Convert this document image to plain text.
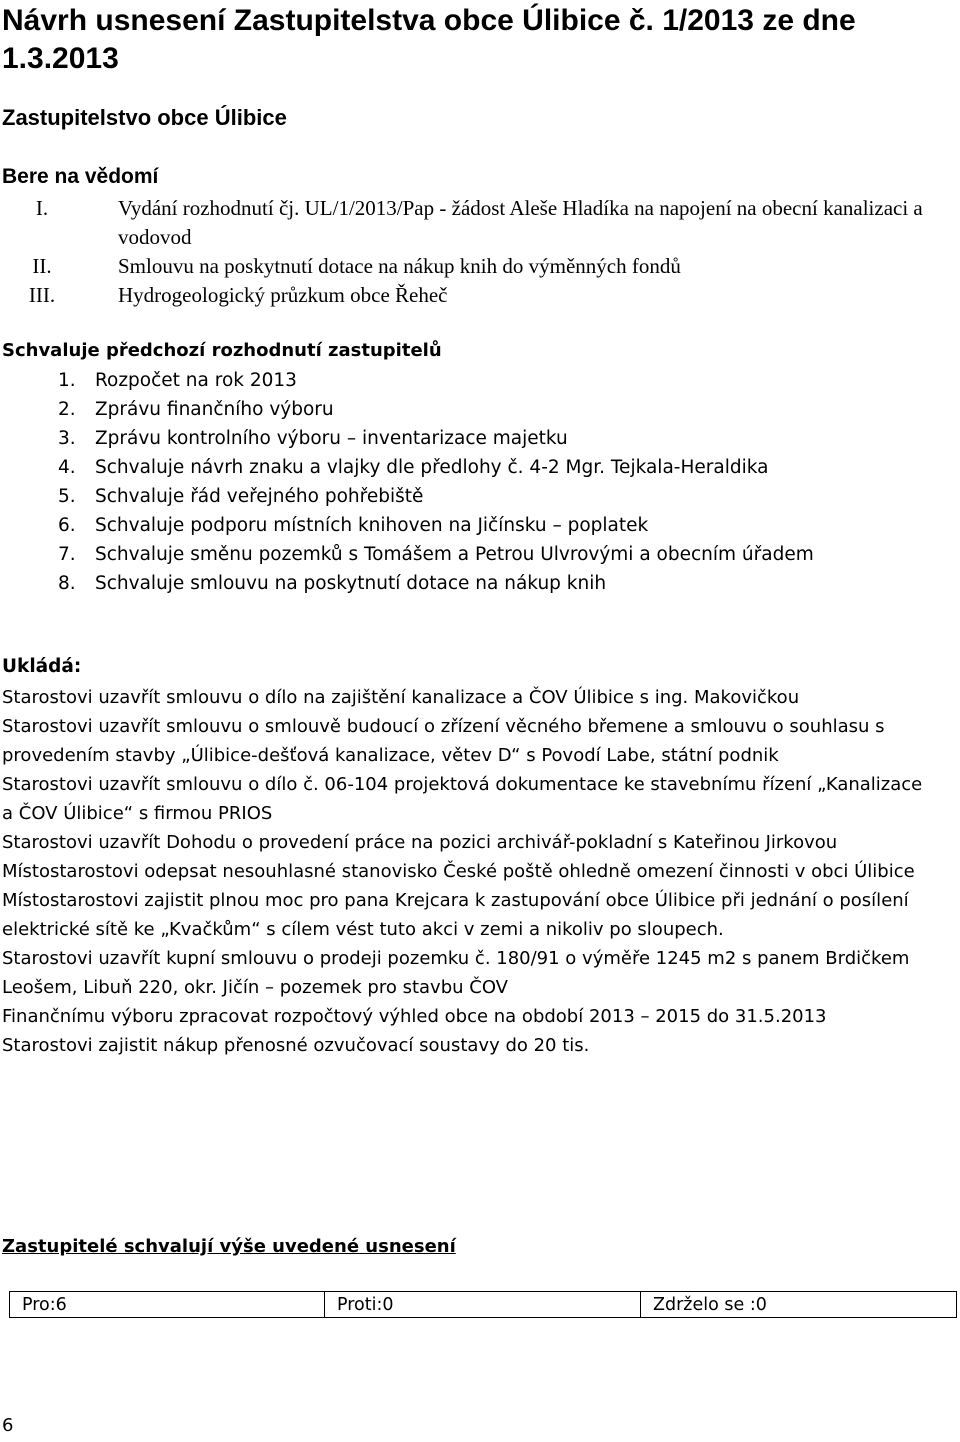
Návrh usnesení Zastupitelstva obce Úlibice č. 1/2013 ze dne 1.3.2013
Zastupitelstvo obce Úlibice
Bere na vědomí
I.	Vydání rozhodnutí čj. UL/1/2013/Pap - žádost Aleše Hladíka na napojení na obecní kanalizaci a vodovod
II.	Smlouvu na poskytnutí dotace na nákup knih do výměnných fondů
III.	Hydrogeologický průzkum obce Řeheč
Schvaluje předchozí rozhodnutí zastupitelů
1. Rozpočet na rok 2013
2. Zprávu finančního výboru
3. Zprávu kontrolního výboru – inventarizace majetku
4. Schvaluje návrh znaku a vlajky dle předlohy č. 4-2 Mgr. Tejkala-Heraldika
5. Schvaluje řád veřejného pohřebiště
6. Schvaluje podporu místních knihoven na Jičínsku – poplatek
7. Schvaluje směnu pozemků s Tomášem a Petrou Ulvrovými a obecním úřadem
8. Schvaluje smlouvu na poskytnutí dotace na nákup knih
Ukládá:
Starostovi uzavřít smlouvu o dílo na zajištění kanalizace a ČOV Úlibice s ing. Makovičkou
Starostovi uzavřít smlouvu o smlouvě budoucí o zřízení věcného břemene a smlouvu o souhlasu s provedením stavby „Úlibice-dešťová kanalizace, větev D“ s Povodí Labe, státní podnik
Starostovi uzavřít smlouvu o dílo č. 06-104 projektová dokumentace ke stavebnímu řízení „Kanalizace a ČOV Úlibice“ s firmou PRIOS
Starostovi uzavřít Dohodu o provedení práce na pozici archivář-pokladní s Kateřinou Jirkovou
Místostarostovi odepsat nesouhlasné stanovisko České poště ohledně omezení činnosti v obci Úlibice
Místostarostovi zajistit plnou moc pro pana Krejcara k zastupování obce Úlibice při jednání o posílení elektrické sítě ke „Kvačkům“ s cílem vést tuto akci v zemi a nikoliv po sloupech.
Starostovi uzavřít kupní smlouvu o prodeji pozemku č. 180/91 o výměře 1245 m2 s panem Brdičkem Leošem, Libuň 220, okr. Jičín – pozemek pro stavbu ČOV
Finančnímu výboru zpracovat rozpočtový výhled obce na období 2013 – 2015 do 31.5.2013
Starostovi zajistit nákup přenosné ozvučovací soustavy do 20 tis.
Zastupitelé schvalují výše uvedené usnesení
Pro:6	Proti:0	Zdrželo se :0
6
